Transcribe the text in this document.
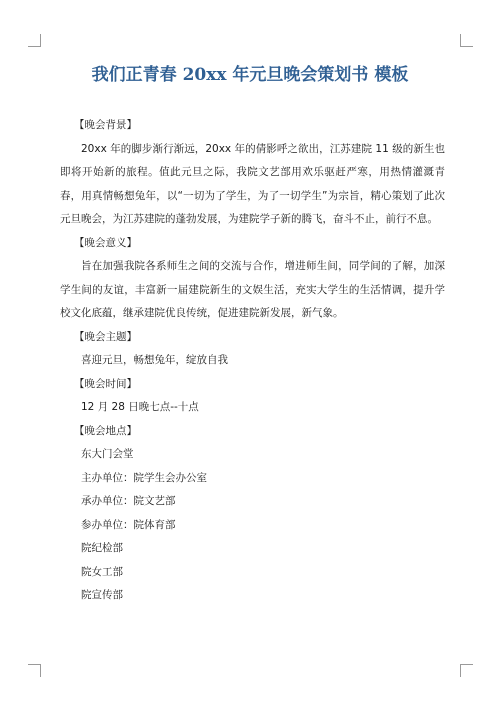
我们正青春 20xx 年元旦晚会策划书 模板

【晚会背景】

20xx 年的脚步渐行渐远，20xx 年的倩影呼之欲出，江苏建院 11 级的新生也即将开始新的旅程。值此元旦之际，我院文艺部用欢乐驱赶严寒，用热情灌溉青春，用真情畅想兔年，以“一切为了学生，为了一切学生”为宗旨，精心策划了此次元旦晚会，为江苏建院的蓬勃发展，为建院学子新的腾飞，奋斗不止，前行不息。

【晚会意义】

旨在加强我院各系师生之间的交流与合作，增进师生间，同学间的了解，加深学生间的友谊，丰富新一届建院新生的文娱生活，充实大学生的生活情调，提升学校文化底蕴，继承建院优良传统，促进建院新发展，新气象。

【晚会主题】

喜迎元旦，畅想兔年，绽放自我

【晚会时间】

12 月 28 日晚七点--十点

【晚会地点】

东大门会堂

主办单位：院学生会办公室

承办单位：院文艺部

参办单位：院体育部

院纪检部

院女工部

院宣传部
